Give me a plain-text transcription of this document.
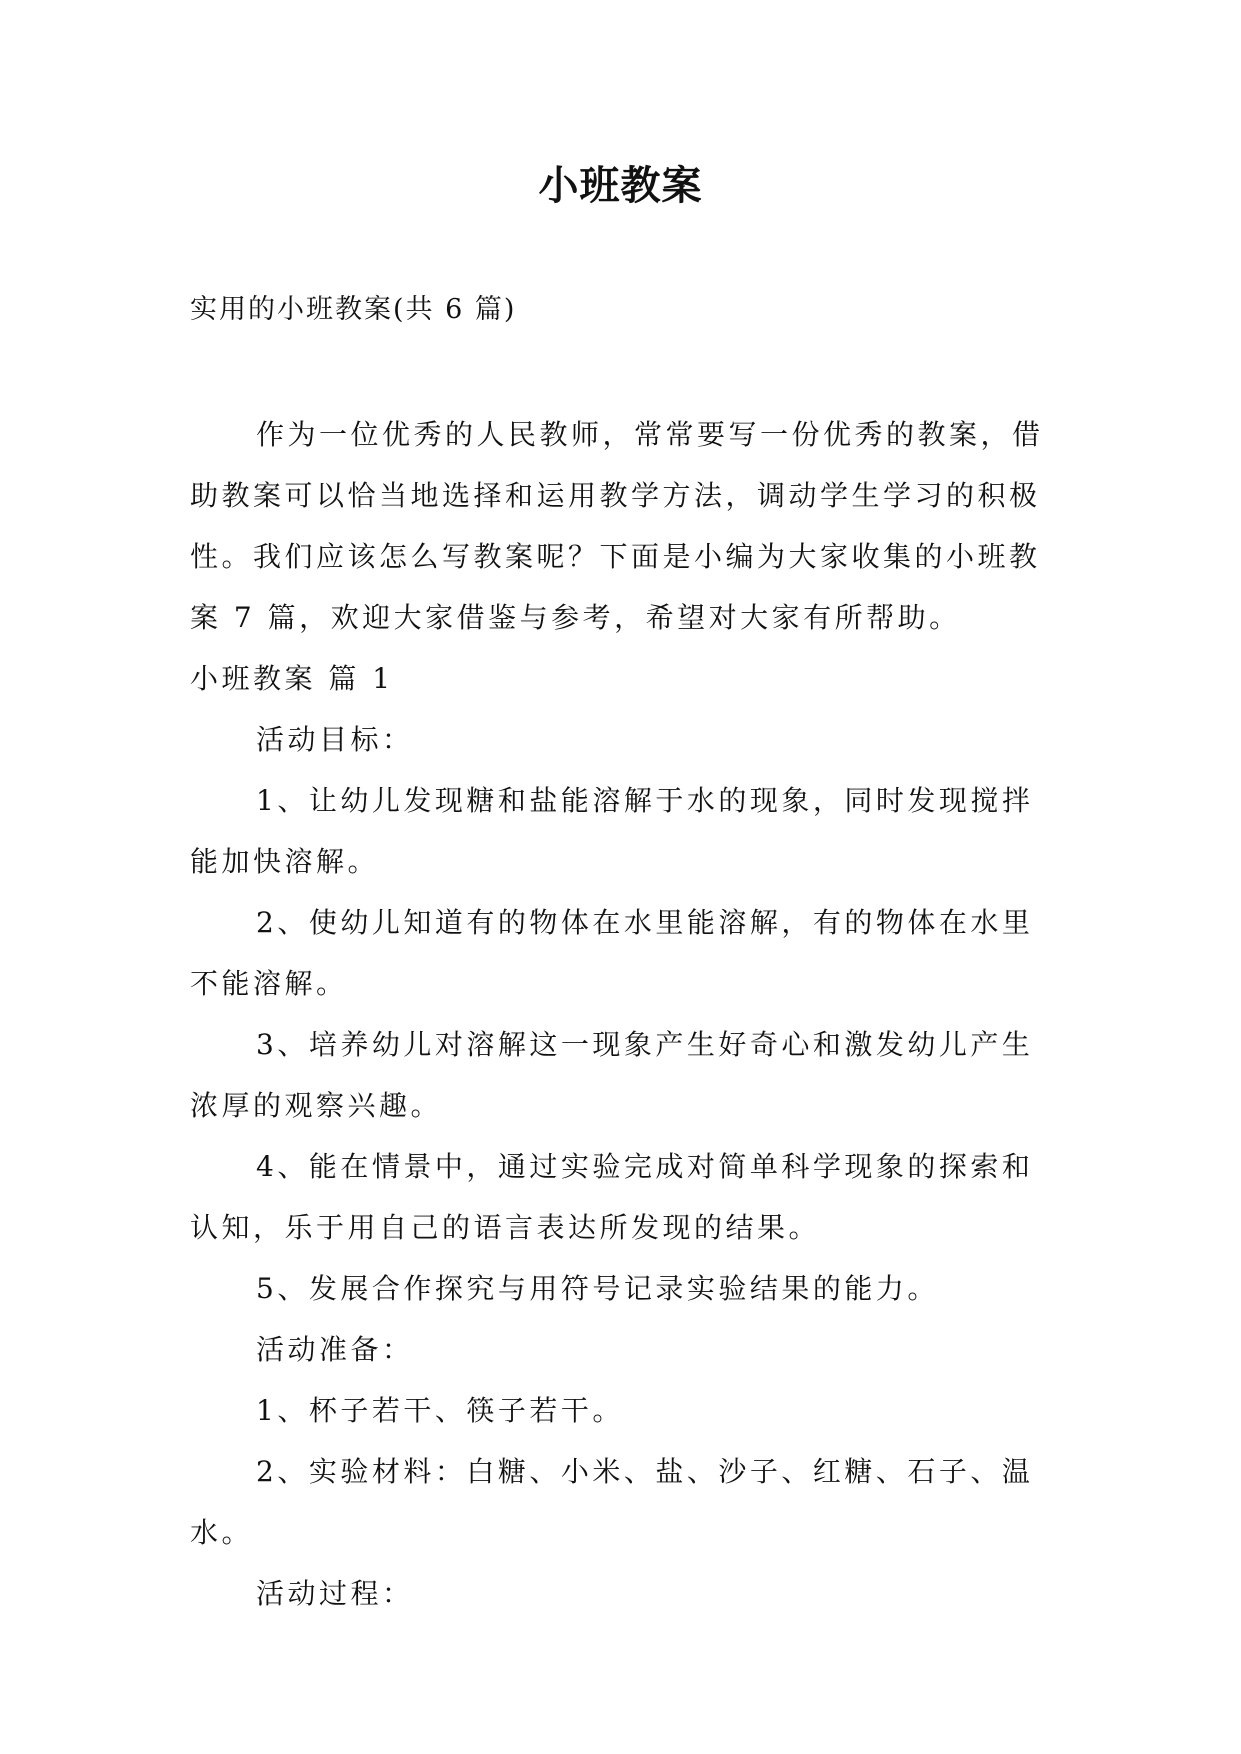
小班教案
实用的小班教案(共 6 篇)

作为一位优秀的人民教师，常常要写一份优秀的教案，借助教案可以恰当地选择和运用教学方法，调动学生学习的积极性。我们应该怎么写教案呢？下面是小编为大家收集的小班教案 7 篇，欢迎大家借鉴与参考，希望对大家有所帮助。

小班教案 篇 1

活动目标：

1、让幼儿发现糖和盐能溶解于水的现象，同时发现搅拌能加快溶解。

2、使幼儿知道有的物体在水里能溶解，有的物体在水里不能溶解。

3、培养幼儿对溶解这一现象产生好奇心和激发幼儿产生浓厚的观察兴趣。

4、能在情景中，通过实验完成对简单科学现象的探索和认知，乐于用自己的语言表达所发现的结果。

5、发展合作探究与用符号记录实验结果的能力。

活动准备：

1、杯子若干、筷子若干。

2、实验材料：白糖、小米、盐、沙子、红糖、石子、温水。

活动过程：
